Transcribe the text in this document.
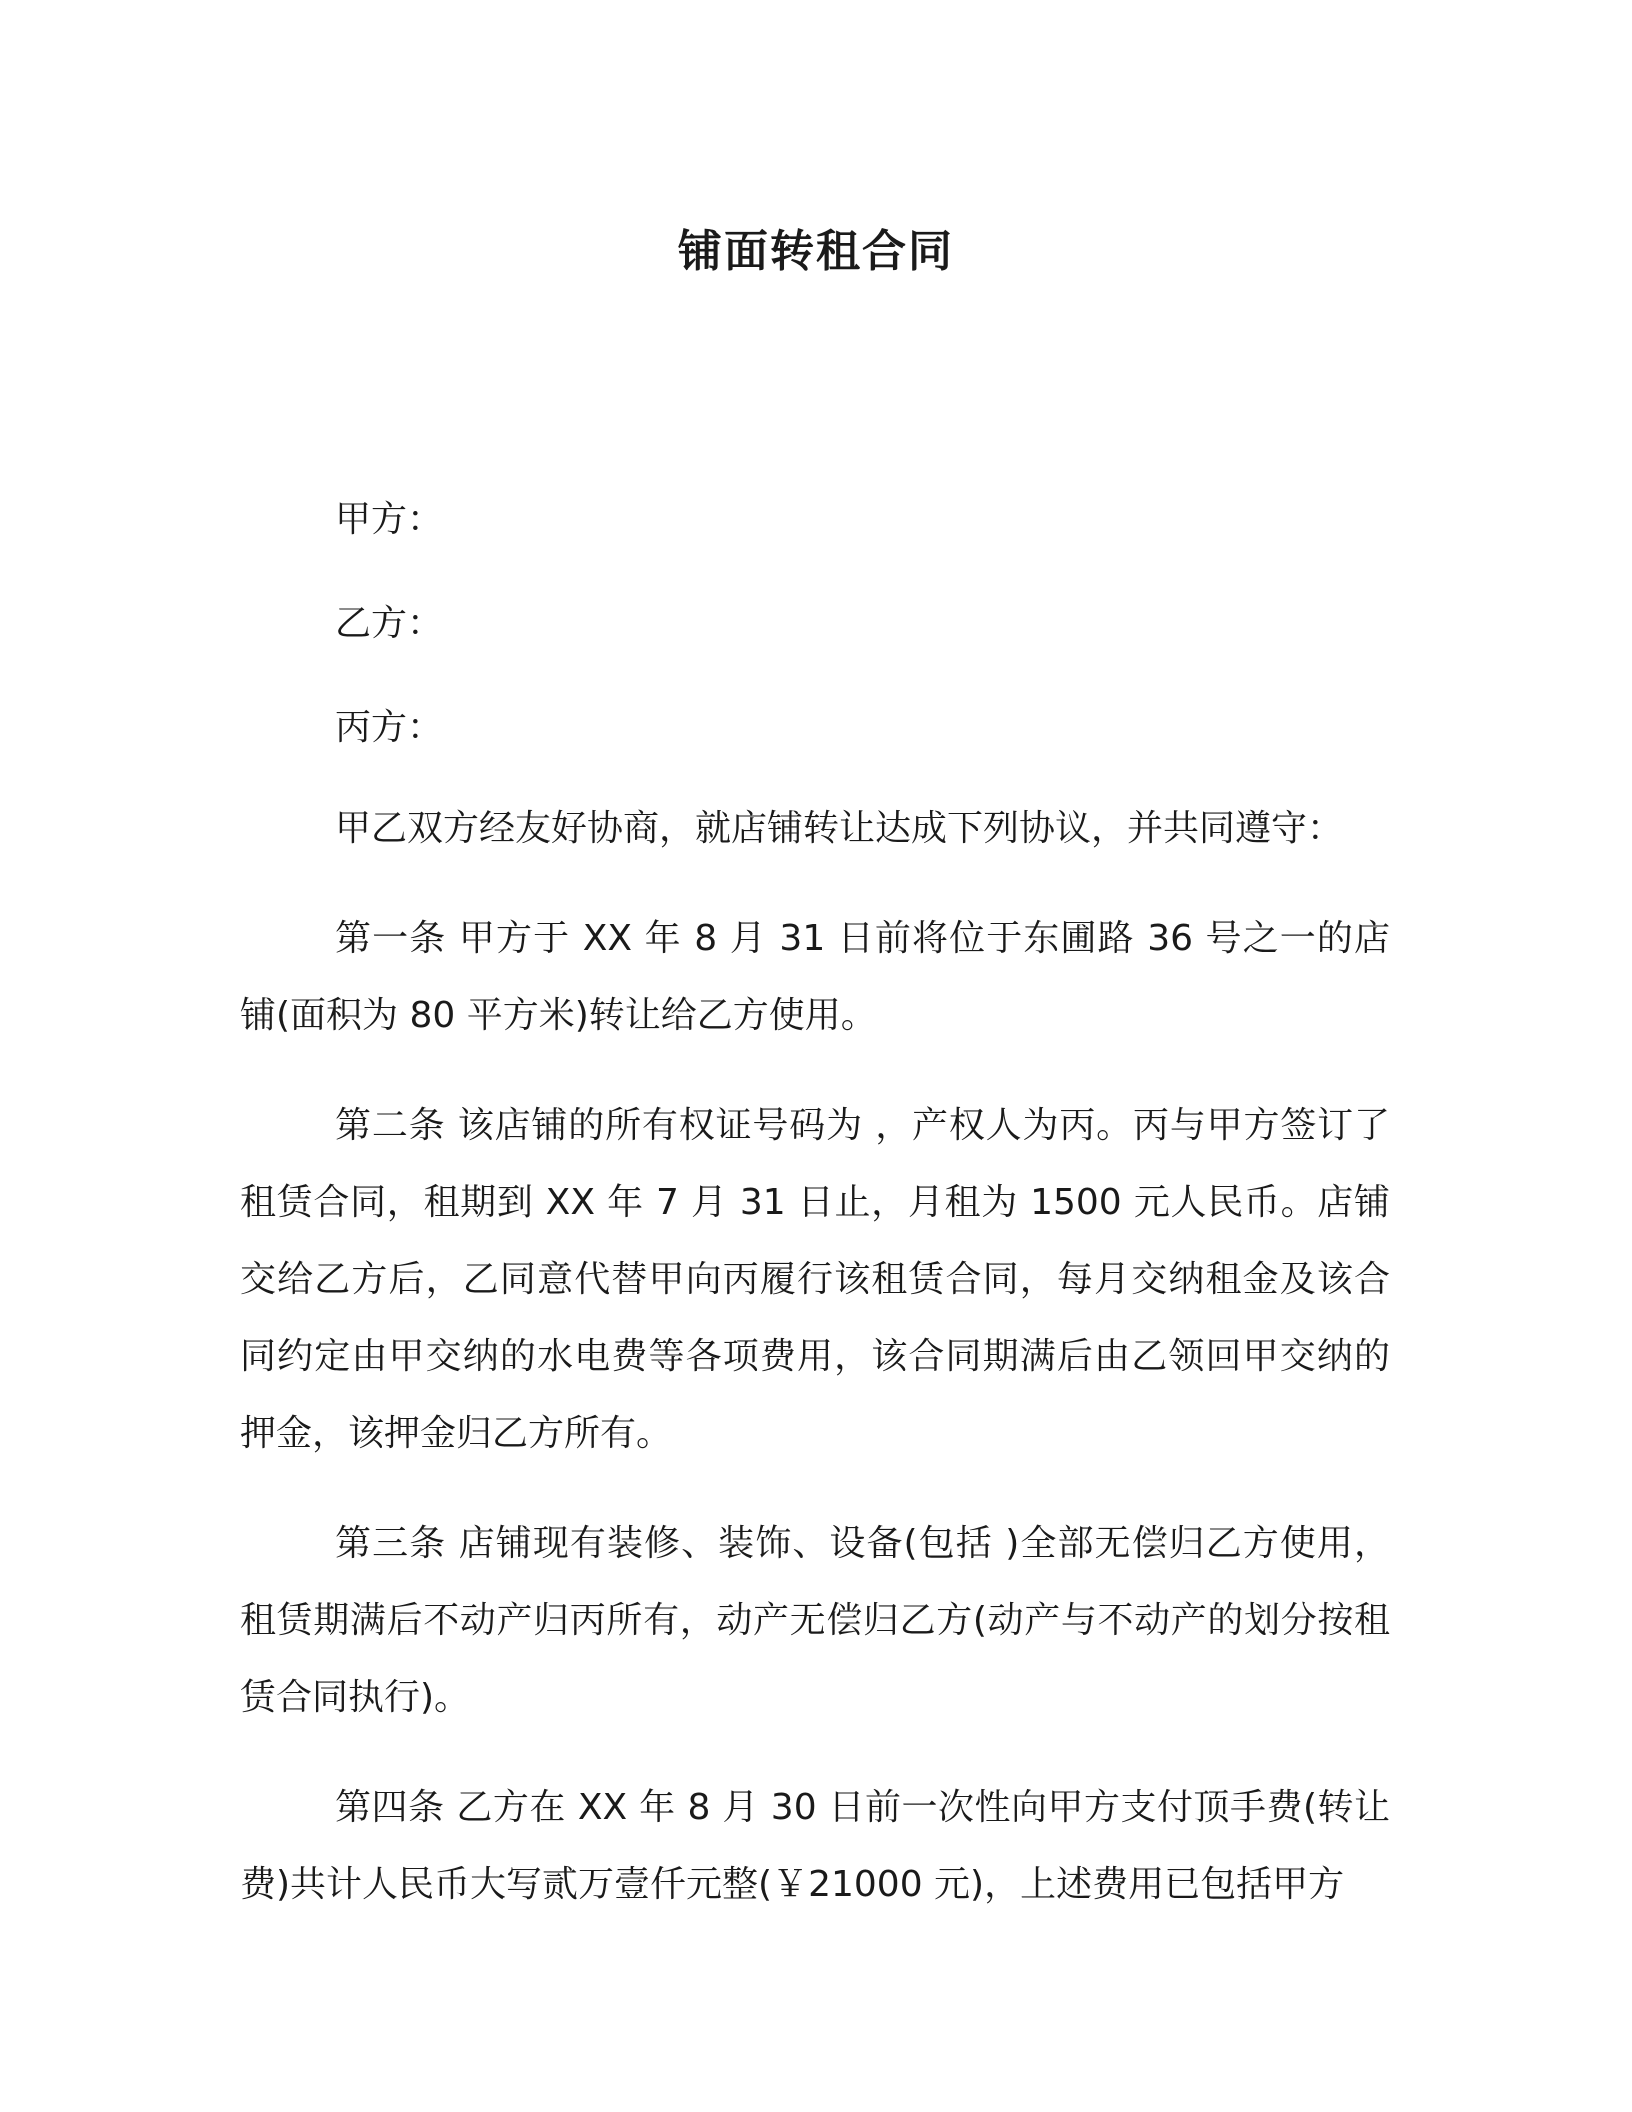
铺面转租合同
甲方：
乙方：
丙方：

甲乙双方经友好协商，就店铺转让达成下列协议，并共同遵守：

第一条 甲方于 XX 年 8 月 31 日前将位于东圃路 36 号之一的店铺(面积为 80 平方米)转让给乙方使用。

第二条 该店铺的所有权证号码为 ，产权人为丙。丙与甲方签订了租赁合同，租期到 XX 年 7 月 31 日止，月租为 1500 元人民币。店铺交给乙方后，乙同意代替甲向丙履行该租赁合同，每月交纳租金及该合同约定由甲交纳的水电费等各项费用，该合同期满后由乙领回甲交纳的押金，该押金归乙方所有。

第三条 店铺现有装修、装饰、设备(包括 )全部无偿归乙方使用，租赁期满后不动产归丙所有，动产无偿归乙方(动产与不动产的划分按租赁合同执行)。

第四条 乙方在 XX 年 8 月 30 日前一次性向甲方支付顶手费(转让费)共计人民币大写贰万壹仟元整(￥21000 元)，上述费用已包括甲方
